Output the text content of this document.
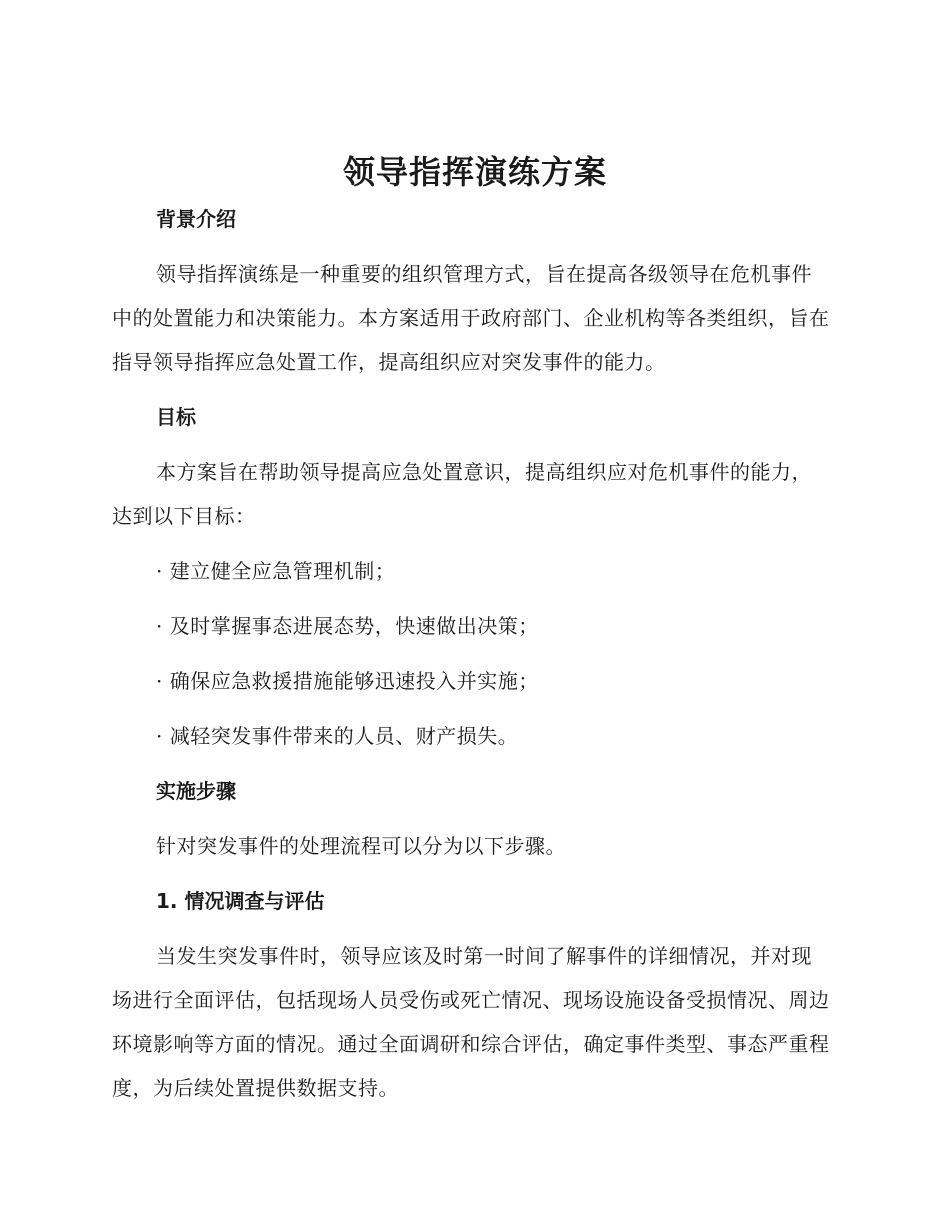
领导指挥演练方案
背景介绍

领导指挥演练是一种重要的组织管理方式，旨在提高各级领导在危机事件中的处置能力和决策能力。本方案适用于政府部门、企业机构等各类组织，旨在指导领导指挥应急处置工作，提高组织应对突发事件的能力。

目标

本方案旨在帮助领导提高应急处置意识，提高组织应对危机事件的能力，达到以下目标：

· 建立健全应急管理机制；

· 及时掌握事态进展态势，快速做出决策；

· 确保应急救援措施能够迅速投入并实施；

· 减轻突发事件带来的人员、财产损失。

实施步骤

针对突发事件的处理流程可以分为以下步骤。

1. 情况调查与评估

当发生突发事件时，领导应该及时第一时间了解事件的详细情况，并对现场进行全面评估，包括现场人员受伤或死亡情况、现场设施设备受损情况、周边环境影响等方面的情况。通过全面调研和综合评估，确定事件类型、事态严重程度，为后续处置提供数据支持。
